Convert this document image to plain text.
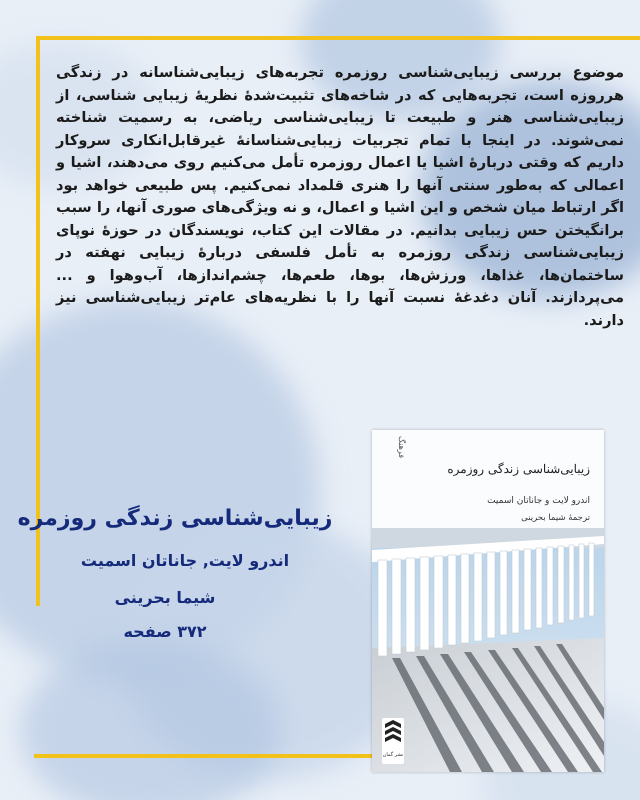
موضوع بررسی زیبایی‌شناسی روزمره تجربه‌های زیبایی‌شناسانه در زندگی هرروزه است، تجربه‌هایی که در شاخه‌های تثبیت‌شدهٔ نظریهٔ زیبایی شناسی، از زیبایی‌شناسی هنر و طبیعت تا زیبایی‌شناسی ریاضی، به رسمیت شناخته نمی‌شوند. در اینجا با تمام تجربیات زیبایی‌شناسانهٔ غیرقابل‌انکاری سروکار داریم که وقتی دربارهٔ اشیا یا اعمال روزمره تأمل می‌کنیم روی می‌دهند، اشیا و اعمالی که به‌طور سنتی آنها را هنری قلمداد نمی‌کنیم. پس طبیعی خواهد بود اگر ارتباط میان شخص و این اشیا و اعمال، و نه ویژگی‌های صوری آنها، را سبب برانگیختن حس زیبایی بدانیم. در مقالات این کتاب، نویسندگان در حوزهٔ نوپای زیبایی‌شناسی زندگی روزمره به تأمل فلسفی دربارهٔ زیبایی نهفته در ساختمان‌ها، غذاها، ورزش‌ها، بوها، طعم‌ها، چشم‌اندازها، آب‌وهوا و ... می‌پردازند. آنان دغدغهٔ نسبت آنها را با نظریه‌های عام‌تر زیبایی‌شناسی نیز دارند.

زیبایی‌شناسی زندگی روزمره
اندرو لایت, جاناتان اسمیت
شیما بحرینی
۳۷۲ صفحه
فرهنگ
زیبایی‌شناسی زندگی روزمره
اندرو لایت و جاناتان اسمیت
ترجمهٔ شیما بحرینی
نشر گمان
